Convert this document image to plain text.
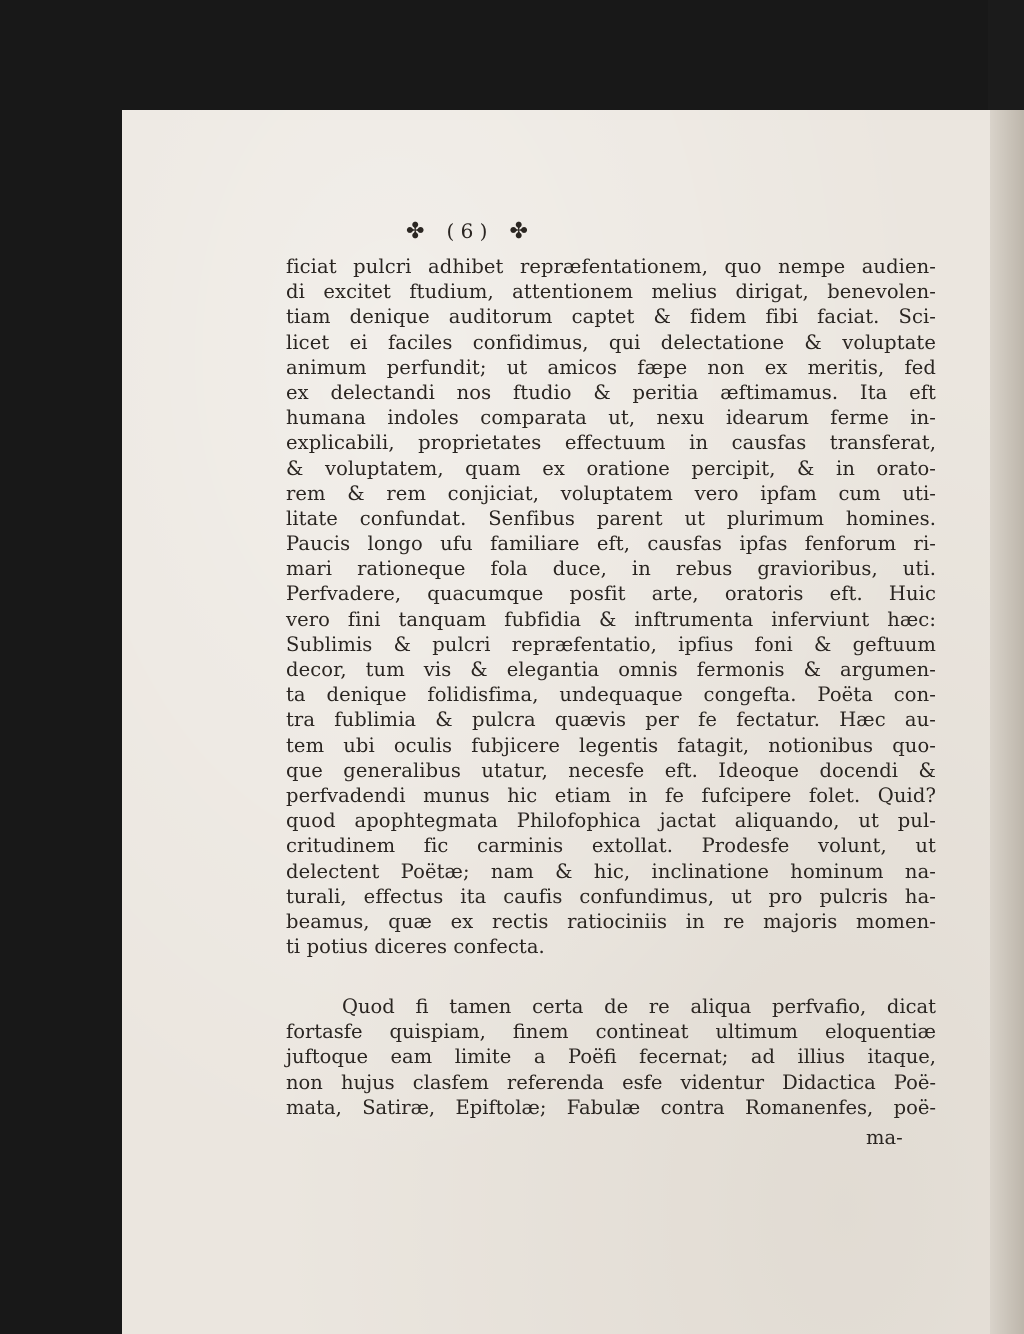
✤ ( 6 ) ✤
ficiat pulcri adhibet repræfentationem, quo nempe audien-
di excitet ftudium, attentionem melius dirigat, benevolen-
tiam denique auditorum captet & fidem fibi faciat. Sci-
licet ei faciles confidimus, qui delectatione & voluptate
animum perfundit; ut amicos fæpe non ex meritis, fed
ex delectandi nos ftudio & peritia æftimamus. Ita eft
humana indoles comparata ut, nexu idearum ferme in-
explicabili, proprietates effectuum in causfas transferat,
& voluptatem, quam ex oratione percipit, & in orato-
rem & rem conjiciat, voluptatem vero ipfam cum uti-
litate confundat. Senfibus parent ut plurimum homines.
Paucis longo ufu familiare eft, causfas ipfas fenforum ri-
mari rationeque fola duce, in rebus gravioribus, uti.
Perfvadere, quacumque posfit arte, oratoris eft. Huic
vero fini tanquam fubfidia & inftrumenta inferviunt hæc:
Sublimis & pulcri repræfentatio, ipfius foni & geftuum
decor, tum vis & elegantia omnis fermonis & argumen-
ta denique folidisfima, undequaque congefta. Poëta con-
tra fublimia & pulcra quævis per fe fectatur. Hæc au-
tem ubi oculis fubjicere legentis fatagit, notionibus quo-
que generalibus utatur, necesfe eft. Ideoque docendi &
perfvadendi munus hic etiam in fe fufcipere folet. Quid?
quod apophtegmata Philofophica jactat aliquando, ut pul-
critudinem fic carminis extollat. Prodesfe volunt, ut
delectent Poëtæ; nam & hic, inclinatione hominum na-
turali, effectus ita caufis confundimus, ut pro pulcris ha-
beamus, quæ ex rectis ratiociniis in re majoris momen-
ti potius diceres confecta.
Quod fi tamen certa de re aliqua perfvafio, dicat
fortasfe quispiam, finem contineat ultimum eloquentiæ
juftoque eam limite a Poëfi fecernat; ad illius itaque,
non hujus clasfem referenda esfe videntur Didactica Poë-
mata, Satiræ, Epiftolæ; Fabulæ contra Romanenfes, poë-
ma-
